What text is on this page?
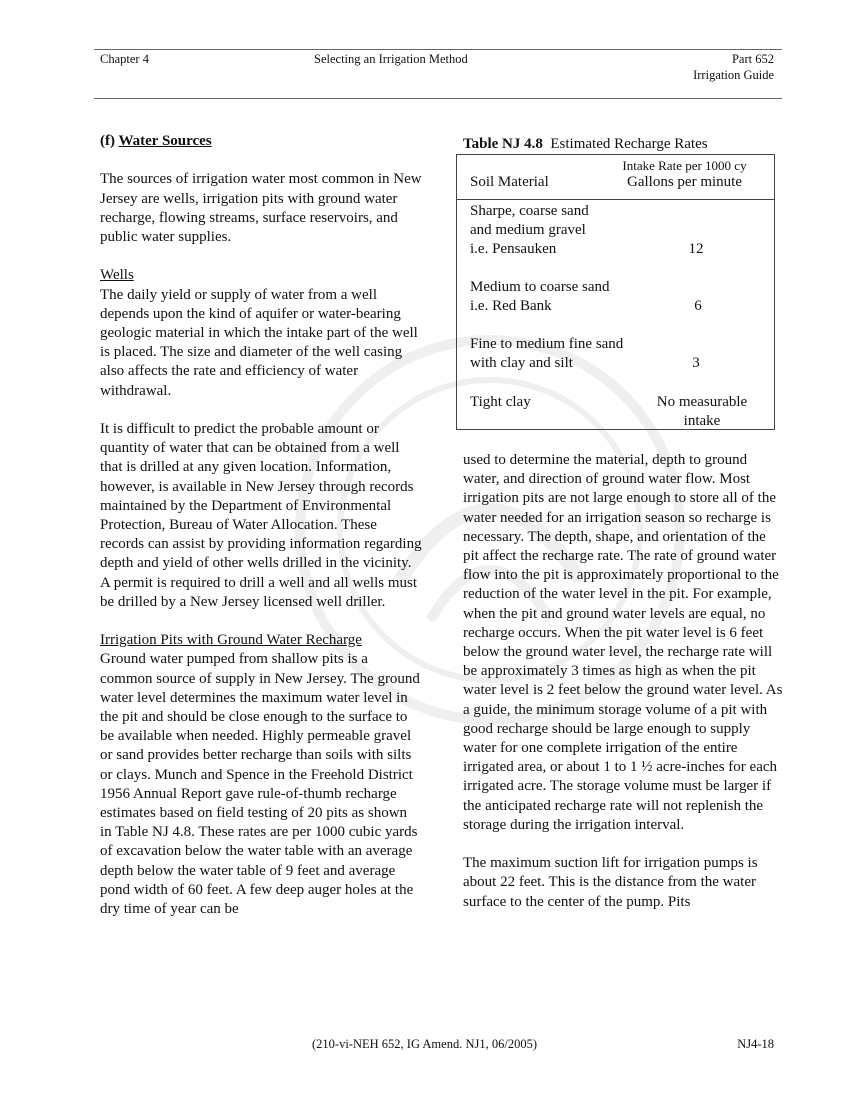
Chapter 4	Selecting an Irrigation Method	Part 652
Irrigation Guide

(f) Water Sources

The sources of irrigation water most common in New Jersey are wells, irrigation pits with ground water recharge, flowing streams, surface reservoirs, and public water supplies.

Wells

The daily yield or supply of water from a well depends upon the kind of aquifer or water-bearing geologic material in which the intake part of the well is placed. The size and diameter of the well casing also affects the rate and efficiency of water withdrawal.

It is difficult to predict the probable amount or quantity of water that can be obtained from a well that is drilled at any given location. Information, however, is available in New Jersey through records maintained by the Department of Environmental Protection, Bureau of Water Allocation. These records can assist by providing information regarding depth and yield of other wells drilled in the vicinity. A permit is required to drill a well and all wells must be drilled by a New Jersey licensed well driller.

Irrigation Pits with Ground Water Recharge

Ground water pumped from shallow pits is a common source of supply in New Jersey. The ground water level determines the maximum water level in the pit and should be close enough to the surface to be available when needed. Highly permeable gravel or sand provides better recharge than soils with silts or clays. Munch and Spence in the Freehold District 1956 Annual Report gave rule-of-thumb recharge estimates based on field testing of 20 pits as shown in Table NJ 4.8. These rates are per 1000 cubic yards of excavation below the water table with an average depth below the water table of 9 feet and average pond width of 60 feet. A few deep auger holes at the dry time of year can be

Table NJ 4.8 Estimated Recharge Rates
Intake Rate per 1000 cy
Soil Material	Gallons per minute
Sharpe, coarse sand
and medium gravel
i.e. Pensauken	12
Medium to coarse sand
i.e. Red Bank	6
Fine to medium fine sand
with clay and silt	3
Tight clay	No measurable
intake

used to determine the material, depth to ground water, and direction of ground water flow. Most irrigation pits are not large enough to store all of the water needed for an irrigation season so recharge is necessary. The depth, shape, and orientation of the pit affect the recharge rate. The rate of ground water flow into the pit is approximately proportional to the reduction of the water level in the pit. For example, when the pit and ground water levels are equal, no recharge occurs. When the pit water level is 6 feet below the ground water level, the recharge rate will be approximately 3 times as high as when the pit water level is 2 feet below the ground water level. As a guide, the minimum storage volume of a pit with good recharge should be large enough to supply water for one complete irrigation of the entire irrigated area, or about 1 to 1 ½ acre-inches for each irrigated acre. The storage volume must be larger if the anticipated recharge rate will not replenish the storage during the irrigation interval.

The maximum suction lift for irrigation pumps is about 22 feet. This is the distance from the water surface to the center of the pump. Pits

(210-vi-NEH 652, IG Amend. NJ1, 06/2005)	NJ4-18
